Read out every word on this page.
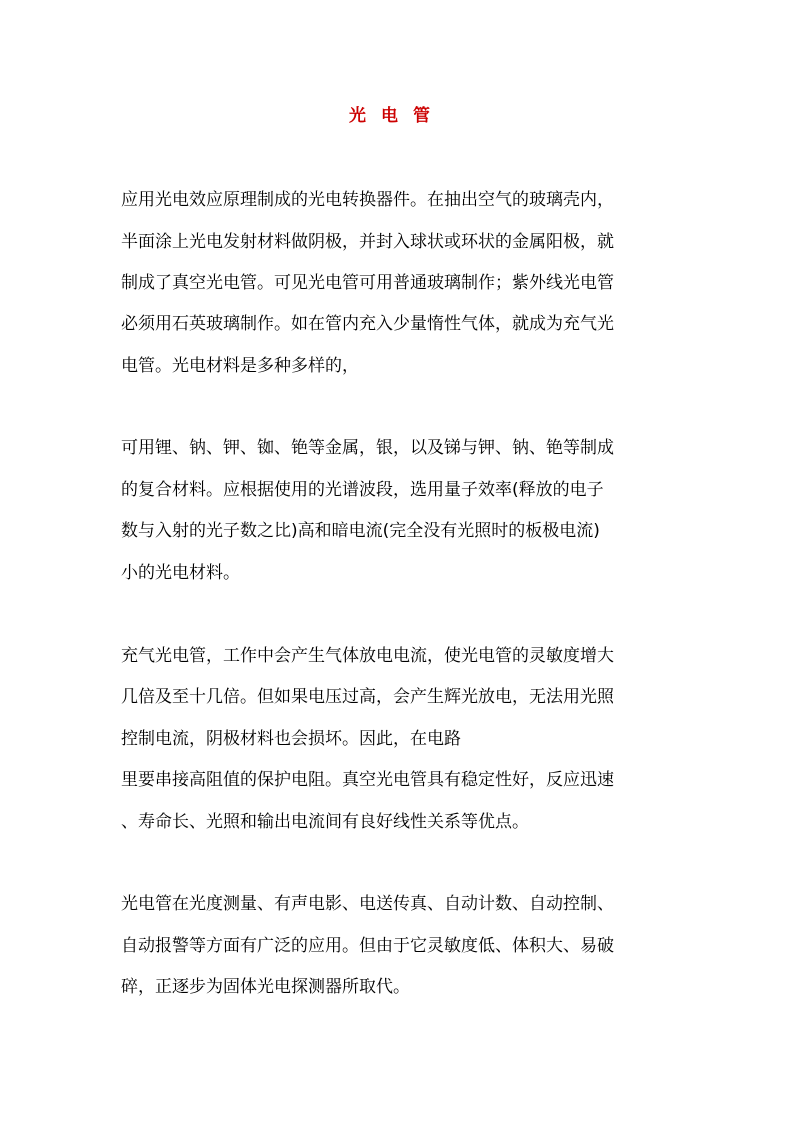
光电管
应用光电效应原理制成的光电转换器件。在抽出空气的玻璃壳内，
半面涂上光电发射材料做阴极，并封入球状或环状的金属阳极，就
制成了真空光电管。可见光电管可用普通玻璃制作；紫外线光电管
必须用石英玻璃制作。如在管内充入少量惰性气体，就成为充气光
电管。光电材料是多种多样的，
可用锂、钠、钾、铷、铯等金属，银，以及锑与钾、钠、铯等制成
的复合材料。应根据使用的光谱波段，选用量子效率(释放的电子
数与入射的光子数之比)高和暗电流(完全没有光照时的板极电流)
小的光电材料。
充气光电管，工作中会产生气体放电电流，使光电管的灵敏度增大
几倍及至十几倍。但如果电压过高，会产生辉光放电，无法用光照
控制电流，阴极材料也会损坏。因此，在电路
里要串接高阻值的保护电阻。真空光电管具有稳定性好，反应迅速
、寿命长、光照和输出电流间有良好线性关系等优点。
光电管在光度测量、有声电影、电送传真、自动计数、自动控制、
自动报警等方面有广泛的应用。但由于它灵敏度低、体积大、易破
碎，正逐步为固体光电探测器所取代。
